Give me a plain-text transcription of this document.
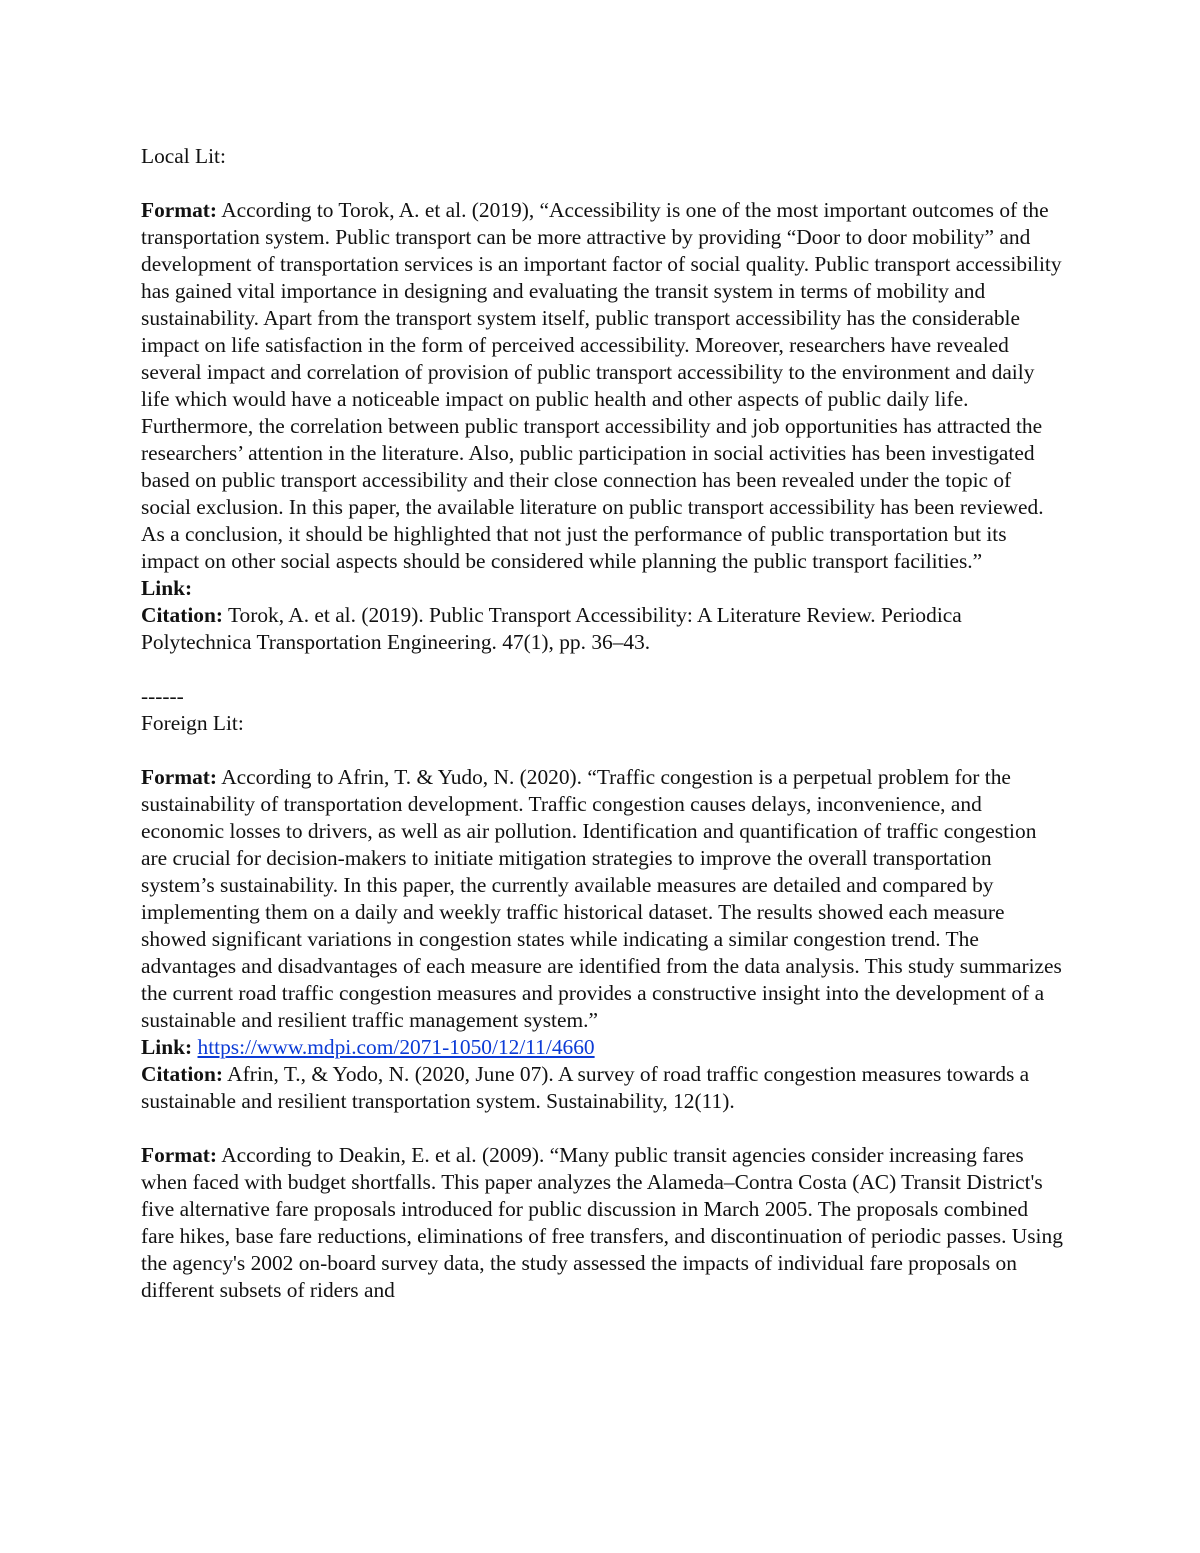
Local Lit:

Format: According to Torok, A. et al. (2019), “Accessibility is one of the most important outcomes of the transportation system. Public transport can be more attractive by providing “Door to door mobility” and development of transportation services is an important factor of social quality. Public transport accessibility has gained vital importance in designing and evaluating the transit system in terms of mobility and sustainability. Apart from the transport system itself, public transport accessibility has the considerable impact on life satisfaction in the form of perceived accessibility. Moreover, researchers have revealed several impact and correlation of provision of public transport accessibility to the environment and daily life which would have a noticeable impact on public health and other aspects of public daily life. Furthermore, the correlation between public transport accessibility and job opportunities has attracted the researchers’ attention in the literature. Also, public participation in social activities has been investigated based on public transport accessibility and their close connection has been revealed under the topic of social exclusion. In this paper, the available literature on public transport accessibility has been reviewed. As a conclusion, it should be highlighted that not just the performance of public transportation but its impact on other social aspects should be considered while planning the public transport facilities.”

Link:

Citation: Torok, A. et al. (2019). Public Transport Accessibility: A Literature Review. Periodica Polytechnica Transportation Engineering. 47(1), pp. 36–43.

------

Foreign Lit:

Format: According to Afrin, T. & Yudo, N. (2020). “Traffic congestion is a perpetual problem for the sustainability of transportation development. Traffic congestion causes delays, inconvenience, and economic losses to drivers, as well as air pollution. Identification and quantification of traffic congestion are crucial for decision-makers to initiate mitigation strategies to improve the overall transportation system’s sustainability. In this paper, the currently available measures are detailed and compared by implementing them on a daily and weekly traffic historical dataset. The results showed each measure showed significant variations in congestion states while indicating a similar congestion trend. The advantages and disadvantages of each measure are identified from the data analysis. This study summarizes the current road traffic congestion measures and provides a constructive insight into the development of a sustainable and resilient traffic management system.”

Link: https://www.mdpi.com/2071-1050/12/11/4660

Citation: Afrin, T., & Yodo, N. (2020, June 07). A survey of road traffic congestion measures towards a sustainable and resilient transportation system. Sustainability, 12(11).

Format: According to Deakin, E. et al. (2009). “Many public transit agencies consider increasing fares when faced with budget shortfalls. This paper analyzes the Alameda–Contra Costa (AC) Transit District's five alternative fare proposals introduced for public discussion in March 2005. The proposals combined fare hikes, base fare reductions, eliminations of free transfers, and discontinuation of periodic passes. Using the agency's 2002 on-board survey data, the study assessed the impacts of individual fare proposals on different subsets of riders and
